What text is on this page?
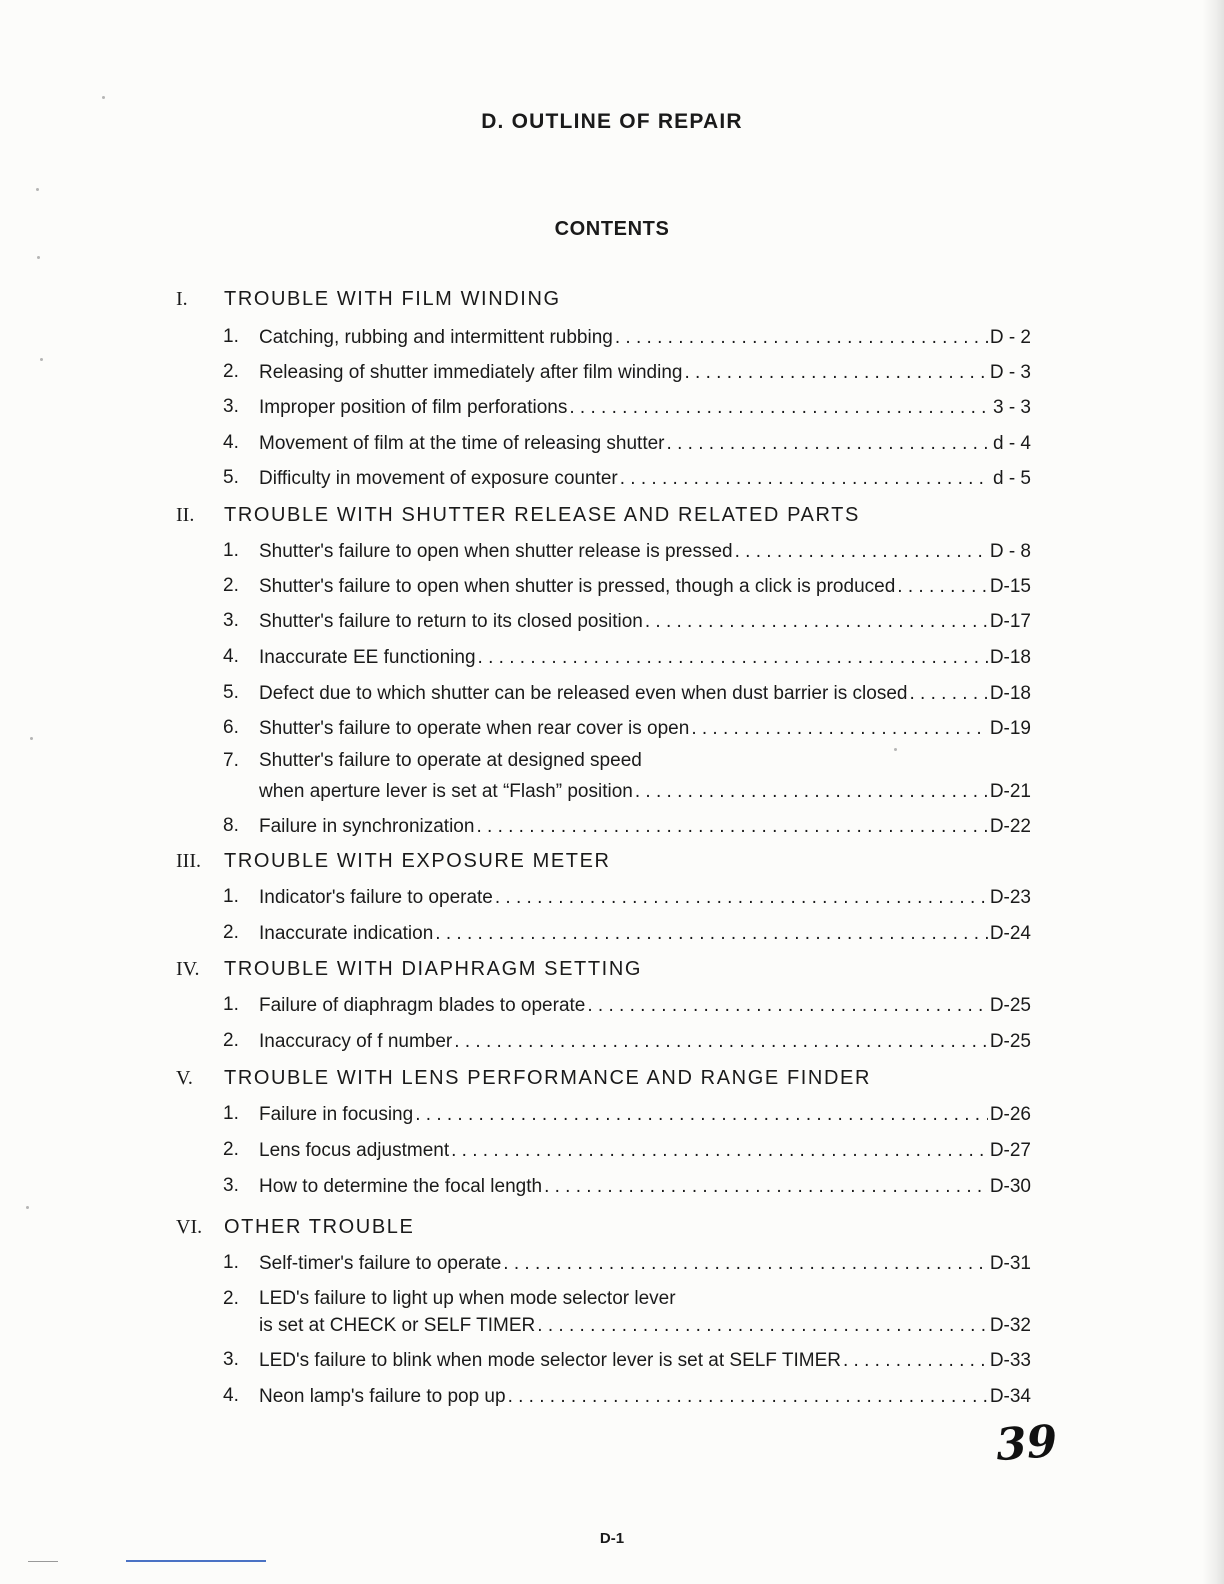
D. OUTLINE OF REPAIR
CONTENTS
I.	TROUBLE WITH FILM WINDING
1. Catching, rubbing and intermittent rubbing . . .	D - 2
2. Releasing of shutter immediately after film winding . . .	D - 3
3. Improper position of film perforations . . .	3 - 3
4. Movement of film at the time of releasing shutter . . .	d - 4
5. Difficulty in movement of exposure counter . . .	d - 5
II.	TROUBLE WITH SHUTTER RELEASE AND RELATED PARTS
1. Shutter's failure to open when shutter release is pressed . . .	D - 8
2. Shutter's failure to open when shutter is pressed, though a click is produced . . .	D-15
3. Shutter's failure to return to its closed position . . .	D-17
4. Inaccurate EE functioning . . .	D-18
5. Defect due to which shutter can be released even when dust barrier is closed . . .	D-18
6. Shutter's failure to operate when rear cover is open . . .	D-19
7. Shutter's failure to operate at designed speed
when aperture lever is set at “Flash” position . . .	D-21
8. Failure in synchronization . . .	D-22
III.	TROUBLE WITH EXPOSURE METER
1. Indicator's failure to operate . . .	D-23
2. Inaccurate indication . . .	D-24
IV.	TROUBLE WITH DIAPHRAGM SETTING
1. Failure of diaphragm blades to operate . . .	D-25
2. Inaccuracy of f number . . .	D-25
V.	TROUBLE WITH LENS PERFORMANCE AND RANGE FINDER
1. Failure in focusing . . .	D-26
2. Lens focus adjustment . . .	D-27
3. How to determine the focal length . . .	D-30
VI.	OTHER TROUBLE
1. Self-timer's failure to operate . . .	D-31
2. LED's failure to light up when mode selector lever
is set at CHECK or SELF TIMER . . .	D-32
3. LED's failure to blink when mode selector lever is set at SELF TIMER . . .	D-33
4. Neon lamp's failure to pop up . . .	D-34
39
D-1
